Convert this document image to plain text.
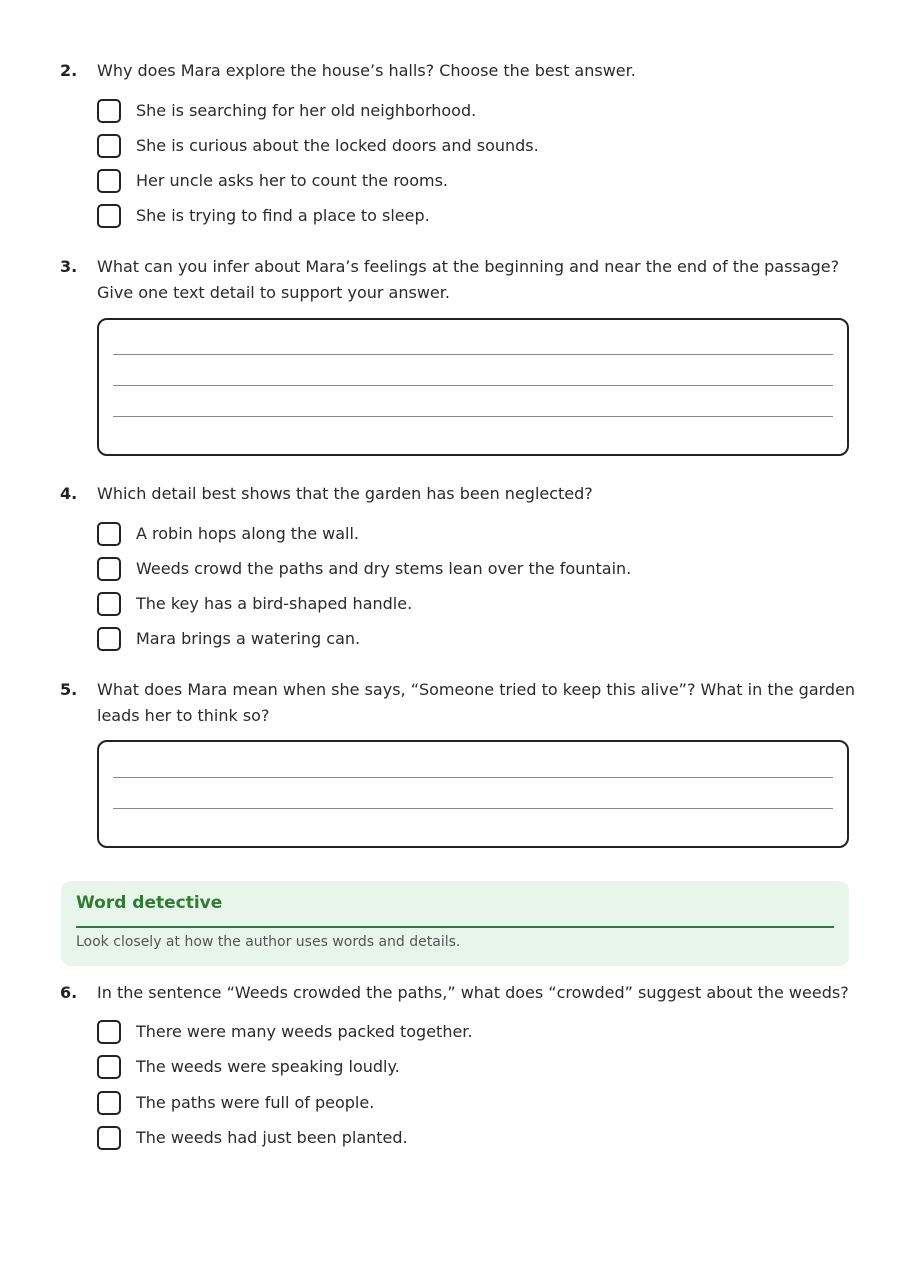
2. Why does Mara explore the house’s halls? Choose the best answer.
She is searching for her old neighborhood.
She is curious about the locked doors and sounds.
Her uncle asks her to count the rooms.
She is trying to find a place to sleep.
3. What can you infer about Mara’s feelings at the beginning and near the end of the passage? Give one text detail to support your answer.
4. Which detail best shows that the garden has been neglected?
A robin hops along the wall.
Weeds crowd the paths and dry stems lean over the fountain.
The key has a bird-shaped handle.
Mara brings a watering can.
5. What does Mara mean when she says, “Someone tried to keep this alive”? What in the garden leads her to think so?
Word detective
Look closely at how the author uses words and details.
6. In the sentence “Weeds crowded the paths,” what does “crowded” suggest about the weeds?
There were many weeds packed together.
The weeds were speaking loudly.
The paths were full of people.
The weeds had just been planted.
